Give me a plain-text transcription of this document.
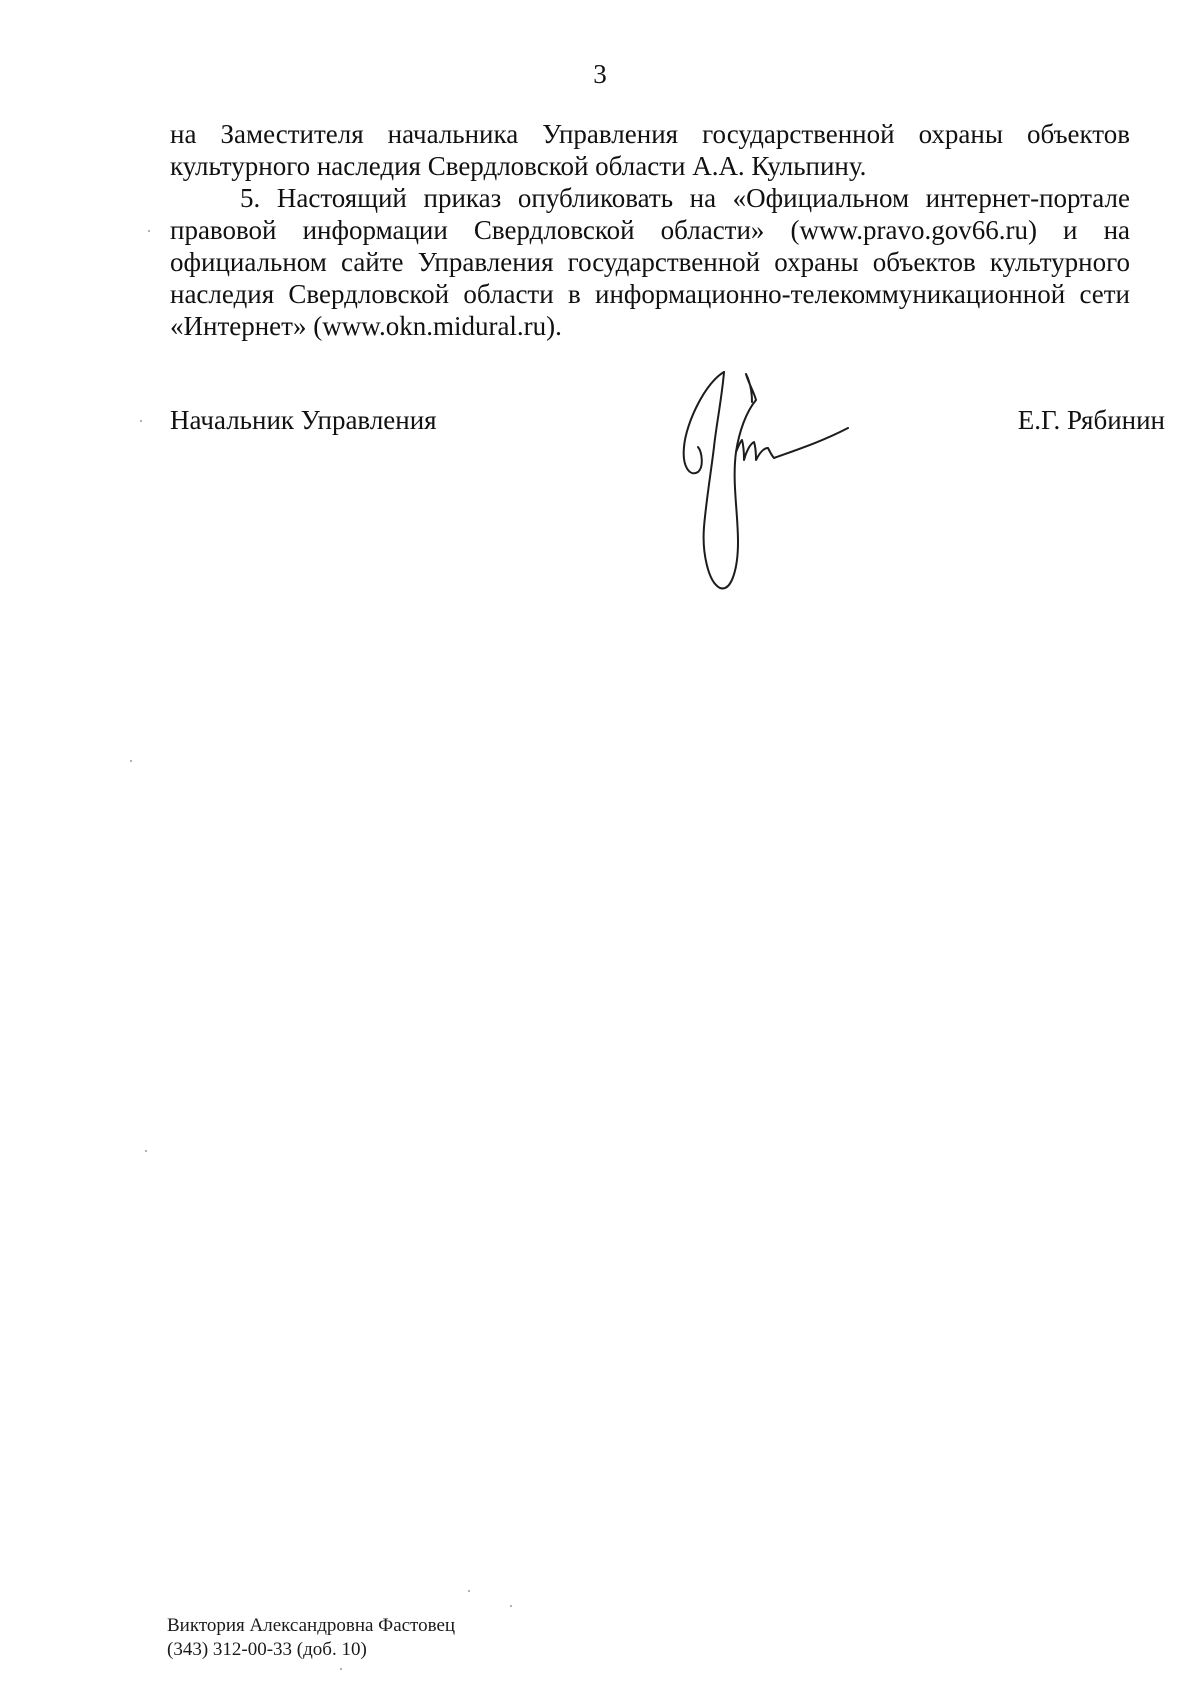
3

на Заместителя начальника Управления государственной охраны объектов культурного наследия Свердловской области А.А. Кульпину.

5. Настоящий приказ опубликовать на «Официальном интернет-портале правовой информации Свердловской области» (www.pravo.gov66.ru) и на официальном сайте Управления государственной охраны объектов культурного наследия Свердловской области в информационно-телекоммуникационной сети «Интернет» (www.okn.midural.ru).

Начальник Управления	Е.Г. Рябинин
Виктория Александровна Фастовец
(343) 312-00-33 (доб. 10)
